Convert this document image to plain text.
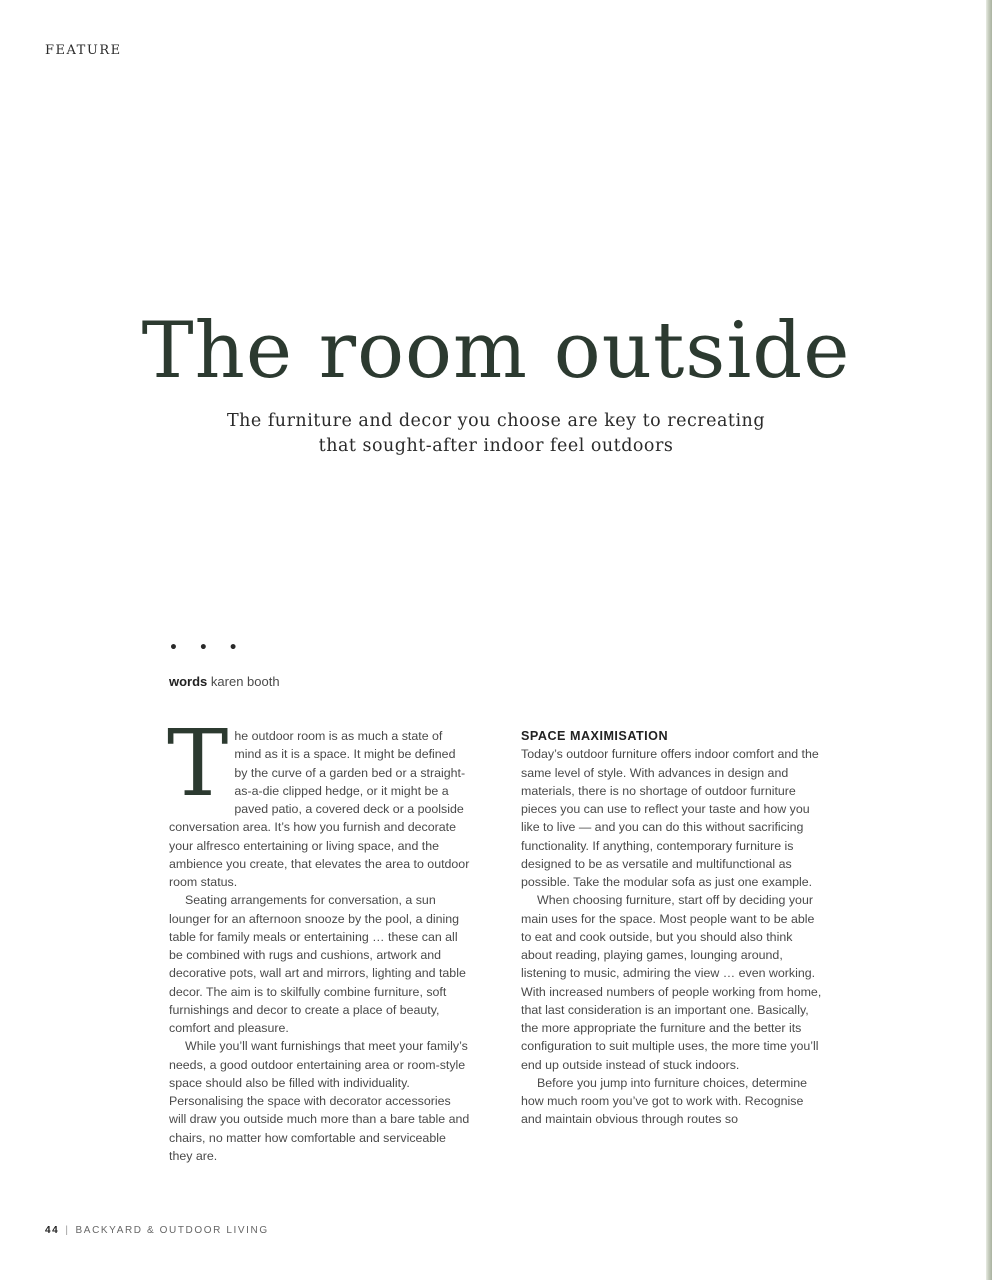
FEATURE
The room outside
The furniture and decor you choose are key to recreating
that sought-after indoor feel outdoors
• • •
words karen booth

The outdoor room is as much a state of mind as it is a space. It might be defined by the curve of a garden bed or a straight-as-a-die clipped hedge, or it might be a paved patio, a covered deck or a poolside conversation area. It’s how you furnish and decorate your alfresco entertaining or living space, and the ambience you create, that elevates the area to outdoor room status.

Seating arrangements for conversation, a sun lounger for an afternoon snooze by the pool, a dining table for family meals or entertaining … these can all be combined with rugs and cushions, artwork and decorative pots, wall art and mirrors, lighting and table decor. The aim is to skilfully combine furniture, soft furnishings and decor to create a place of beauty, comfort and pleasure.

While you’ll want furnishings that meet your family’s needs, a good outdoor entertaining area or room-style space should also be filled with individuality. Personalising the space with decorator accessories will draw you outside much more than a bare table and chairs, no matter how comfortable and serviceable they are.

SPACE MAXIMISATION

Today’s outdoor furniture offers indoor comfort and the same level of style. With advances in design and materials, there is no shortage of outdoor furniture pieces you can use to reflect your taste and how you like to live — and you can do this without sacrificing functionality. If anything, contemporary furniture is designed to be as versatile and multifunctional as possible. Take the modular sofa as just one example.

When choosing furniture, start off by deciding your main uses for the space. Most people want to be able to eat and cook outside, but you should also think about reading, playing games, lounging around, listening to music, admiring the view … even working. With increased numbers of people working from home, that last consideration is an important one. Basically, the more appropriate the furniture and the better its configuration to suit multiple uses, the more time you’ll end up outside instead of stuck indoors.

Before you jump into furniture choices, determine how much room you’ve got to work with. Recognise and maintain obvious through routes so

44 | BACKYARD & OUTDOOR LIVING
